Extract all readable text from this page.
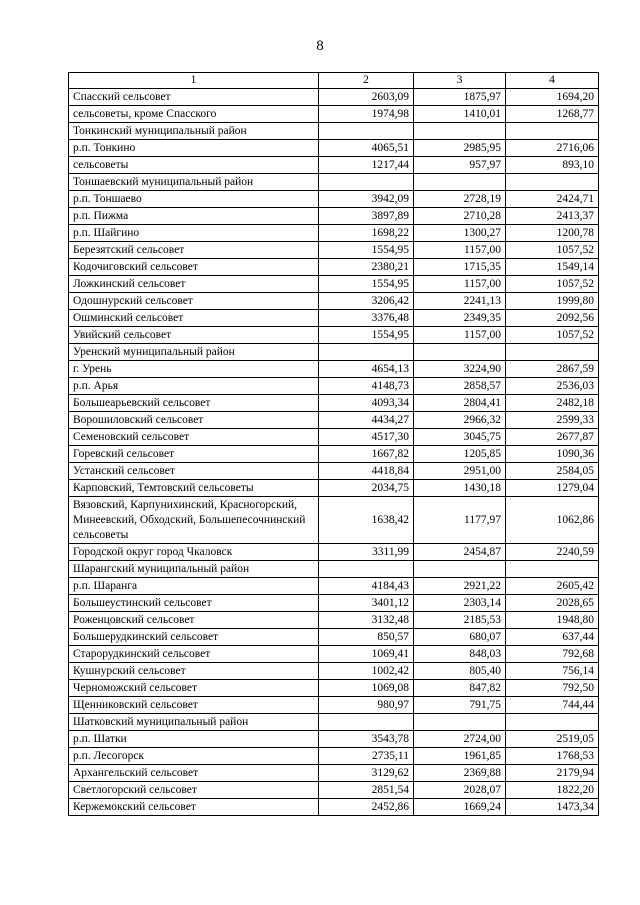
8
1	2	3	4
Спасский сельсовет	2603,09	1875,97	1694,20
сельсоветы, кроме Спасского	1974,98	1410,01	1268,77
Тонкинский муниципальный район			
р.п. Тонкино	4065,51	2985,95	2716,06
сельсоветы	1217,44	957,97	893,10
Тоншаевский муниципальный район			
р.п. Тоншаево	3942,09	2728,19	2424,71
р.п. Пижма	3897,89	2710,28	2413,37
р.п. Шайгино	1698,22	1300,27	1200,78
Березятский сельсовет	1554,95	1157,00	1057,52
Кодочиговский сельсовет	2380,21	1715,35	1549,14
Ложкинский сельсовет	1554,95	1157,00	1057,52
Одошнурский сельсовет	3206,42	2241,13	1999,80
Ошминский сельсовет	3376,48	2349,35	2092,56
Увийский сельсовет	1554,95	1157,00	1057,52
Уренский муниципальный район			
г. Урень	4654,13	3224,90	2867,59
р.п. Арья	4148,73	2858,57	2536,03
Большеарьевский сельсовет	4093,34	2804,41	2482,18
Ворошиловский сельсовет	4434,27	2966,32	2599,33
Семеновский сельсовет	4517,30	3045,75	2677,87
Горевский сельсовет	1667,82	1205,85	1090,36
Устанский сельсовет	4418,84	2951,00	2584,05
Карповский, Темтовский сельсоветы	2034,75	1430,18	1279,04
Вязовский, Карпунихинский, Красногорский, Минеевский, Обходский, Большепесочнинский сельсоветы	1638,42	1177,97	1062,86
Городской округ город Чкаловск	3311,99	2454,87	2240,59
Шарангский муниципальный район			
р.п. Шаранга	4184,43	2921,22	2605,42
Большеустинский сельсовет	3401,12	2303,14	2028,65
Роженцовский сельсовет	3132,48	2185,53	1948,80
Большерудкинский сельсовет	850,57	680,07	637,44
Старорудкинский сельсовет	1069,41	848,03	792,68
Кушнурский сельсовет	1002,42	805,40	756,14
Черноможский сельсовет	1069,08	847,82	792,50
Щенниковский сельсовет	980,97	791,75	744,44
Шатковский муниципальный район			
р.п. Шатки	3543,78	2724,00	2519,05
р.п. Лесогорск	2735,11	1961,85	1768,53
Архангельский сельсовет	3129,62	2369,88	2179,94
Светлогорский сельсовет	2851,54	2028,07	1822,20
Кержемокский сельсовет	2452,86	1669,24	1473,34
